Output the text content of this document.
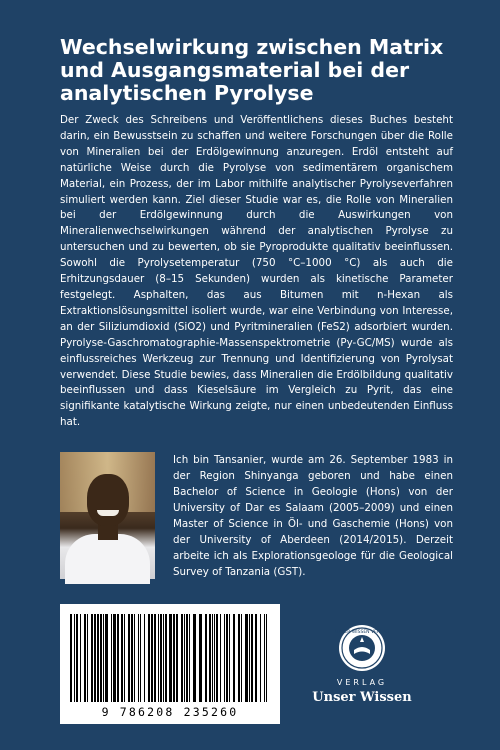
Wechselwirkung zwischen Matrix
und Ausgangsmaterial bei der
analytischen Pyrolyse

Der Zweck des Schreibens und Veröffentlichens dieses Buches besteht darin, ein Bewusstsein zu schaffen und weitere Forschungen über die Rolle von Mineralien bei der Erdölgewinnung anzuregen. Erdöl entsteht auf natürliche Weise durch die Pyrolyse von sedimentärem organischem Material, ein Prozess, der im Labor mithilfe analytischer Pyrolyseverfahren simuliert werden kann. Ziel dieser Studie war es, die Rolle von Mineralien bei der Erdölgewinnung durch die Auswirkungen von Mineralienwechselwirkungen während der analytischen Pyrolyse zu untersuchen und zu bewerten, ob sie Pyroprodukte qualitativ beeinflussen. Sowohl die Pyrolysetemperatur (750 °C–1000 °C) als auch die Erhitzungsdauer (8–15 Sekunden) wurden als kinetische Parameter festgelegt. Asphalten, das aus Bitumen mit n-Hexan als Extraktionslösungsmittel isoliert wurde, war eine Verbindung von Interesse, an der Siliziumdioxid (SiO2) und Pyritmineralien (FeS2) adsorbiert wurden. Pyrolyse-Gaschromatographie-Massenspektrometrie (Py-GC/MS) wurde als einflussreiches Werkzeug zur Trennung und Identifizierung von Pyrolysat verwendet. Diese Studie bewies, dass Mineralien die Erdölbildung qualitativ beeinflussen und dass Kieselsäure im Vergleich zu Pyrit, das eine signifikante katalytische Wirkung zeigte, nur einen unbedeutenden Einfluss hat.

Ich bin Tansanier, wurde am 26. September 1983 in der Region Shinyanga geboren und habe einen Bachelor of Science in Geologie (Hons) von der University of Dar es Salaam (2005–2009) und einen Master of Science in Öl- und Gaschemie (Hons) von der University of Aberdeen (2014/2015). Derzeit arbeite ich als Explorationsgeologe für die Geological Survey of Tanzania (GST).

9 786208 235260
UNSER WISSEN VERLAG
VERLAG
Unser Wissen
